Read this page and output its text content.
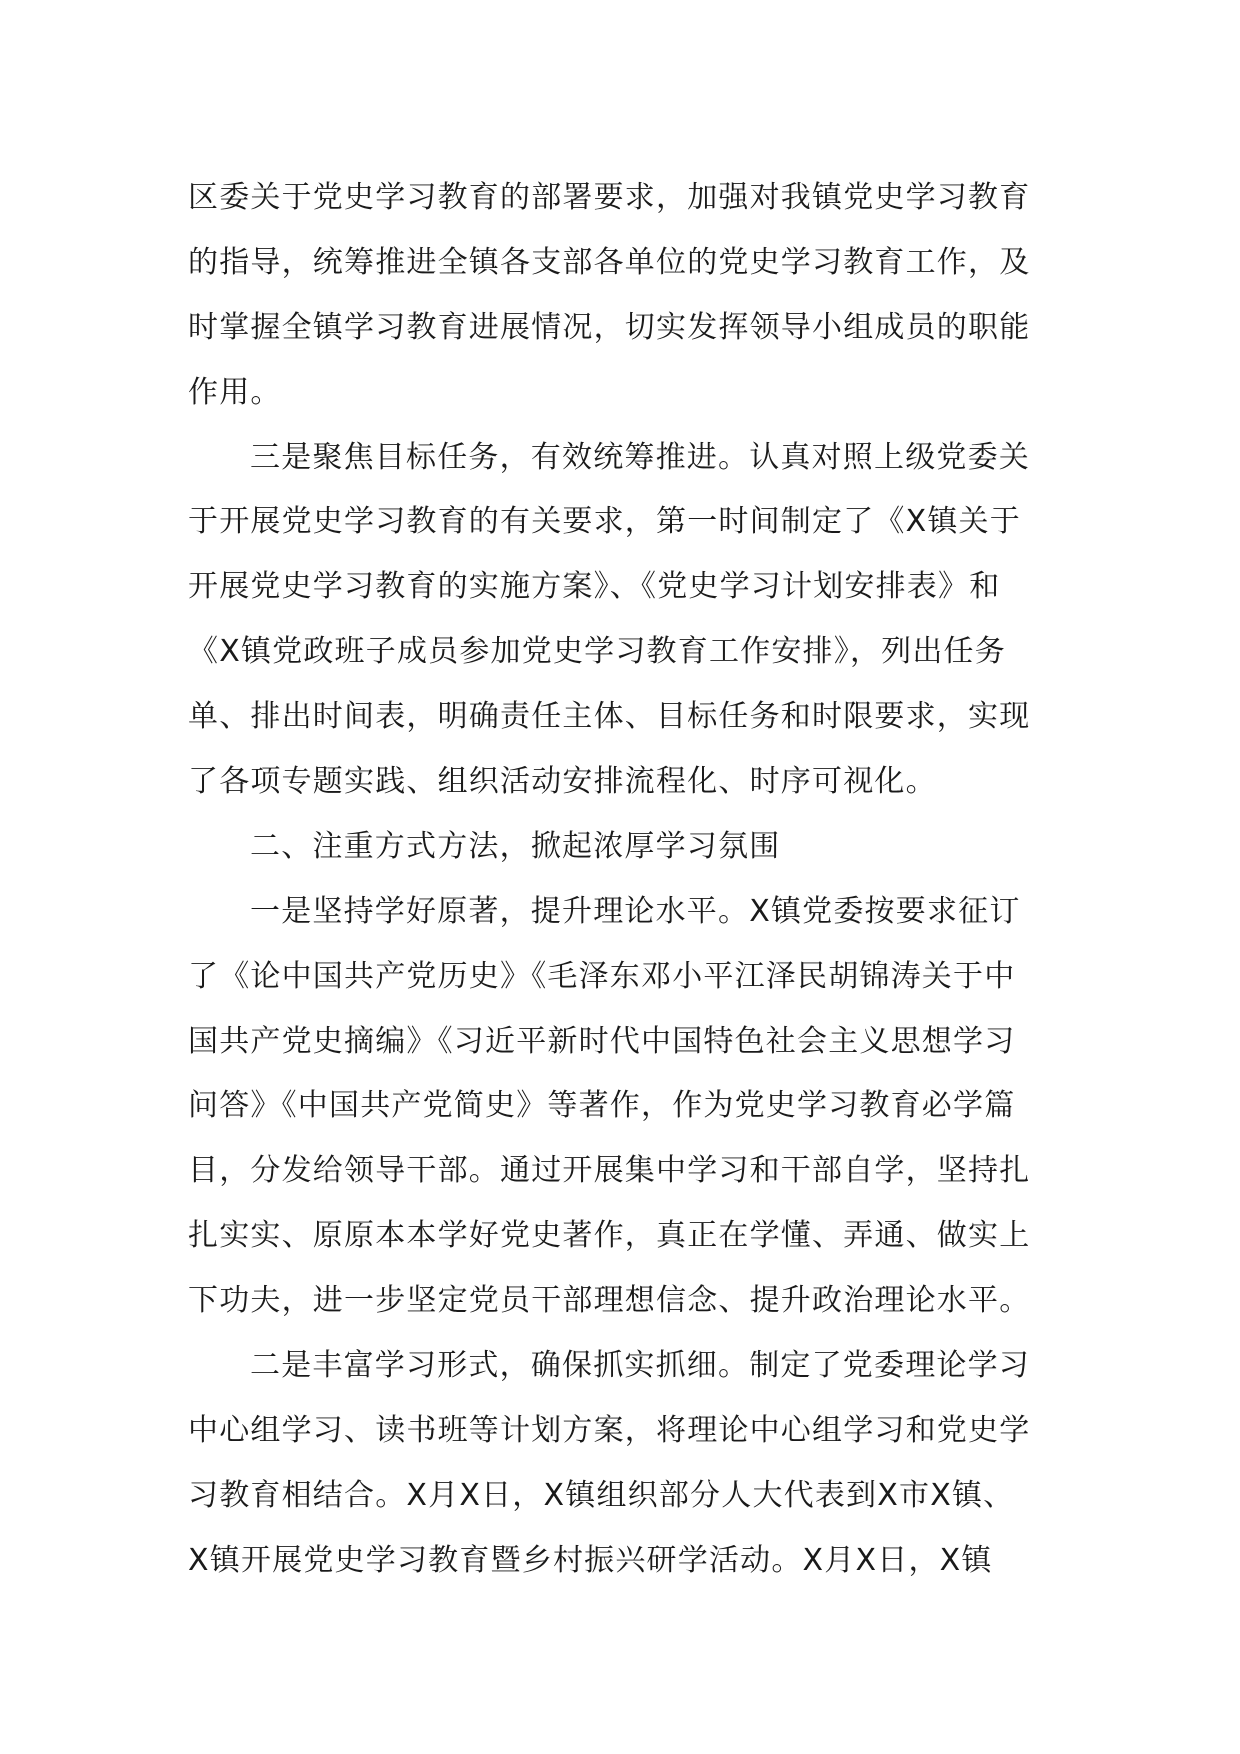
区委关于党史学习教育的部署要求，加强对我镇党史学习教育
的指导，统筹推进全镇各支部各单位的党史学习教育工作，及
时掌握全镇学习教育进展情况，切实发挥领导小组成员的职能
作用。
三是聚焦目标任务，有效统筹推进。认真对照上级党委关
于开展党史学习教育的有关要求，第一时间制定了《X镇关于
开展党史学习教育的实施方案》、《党史学习计划安排表》和
《X镇党政班子成员参加党史学习教育工作安排》，列出任务
单、排出时间表，明确责任主体、目标任务和时限要求，实现
了各项专题实践、组织活动安排流程化、时序可视化。
二、注重方式方法，掀起浓厚学习氛围
一是坚持学好原著，提升理论水平。X镇党委按要求征订
了《论中国共产党历史》《毛泽东邓小平江泽民胡锦涛关于中
国共产党史摘编》《习近平新时代中国特色社会主义思想学习
问答》《中国共产党简史》等著作，作为党史学习教育必学篇
目，分发给领导干部。通过开展集中学习和干部自学，坚持扎
扎实实、原原本本学好党史著作，真正在学懂、弄通、做实上
下功夫，进一步坚定党员干部理想信念、提升政治理论水平。
二是丰富学习形式，确保抓实抓细。制定了党委理论学习
中心组学习、读书班等计划方案，将理论中心组学习和党史学
习教育相结合。X月X日，X镇组织部分人大代表到X市X镇、
X镇开展党史学习教育暨乡村振兴研学活动。X月X日，X镇
